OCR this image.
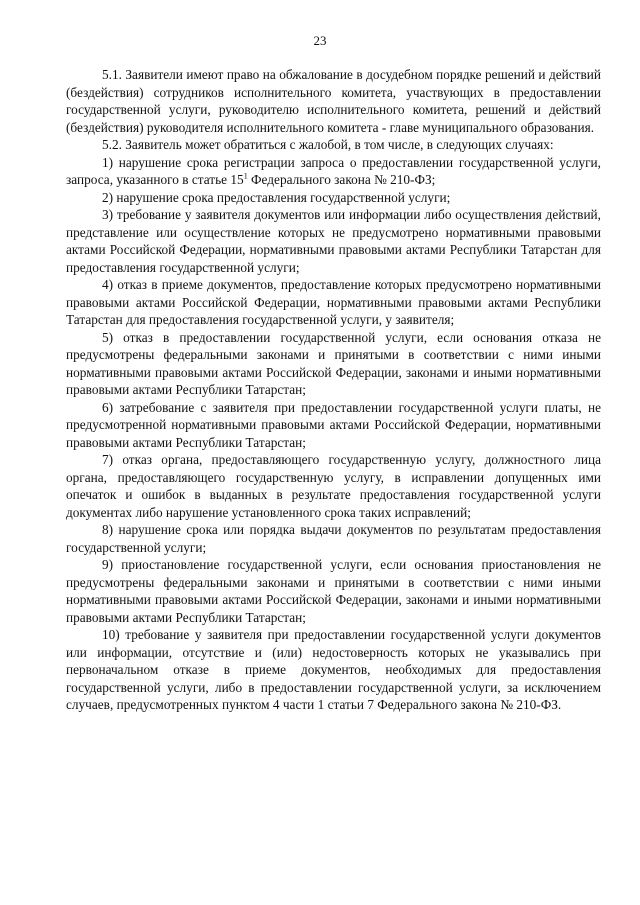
23

5.1. Заявители имеют право на обжалование в досудебном порядке решений и действий (бездействия) сотрудников исполнительного комитета, участвующих в предоставлении государственной услуги, руководителю исполнительного комитета, решений и действий (бездействия) руководителя исполнительного комитета - главе муниципального образования.

5.2. Заявитель может обратиться с жалобой, в том числе, в следующих случаях:

1) нарушение срока регистрации запроса о предоставлении государственной услуги, запроса, указанного в статье $15^1$ Федерального закона № 210-ФЗ;

2) нарушение срока предоставления государственной услуги;

3) требование у заявителя документов или информации либо осуществления действий, представление или осуществление которых не предусмотрено нормативными правовыми актами Российской Федерации, нормативными правовыми актами Республики Татарстан для предоставления государственной услуги;

4) отказ в приеме документов, предоставление которых предусмотрено нормативными правовыми актами Российской Федерации, нормативными правовыми актами Республики Татарстан для предоставления государственной услуги, у заявителя;

5) отказ в предоставлении государственной услуги, если основания отказа не предусмотрены федеральными законами и принятыми в соответствии с ними иными нормативными правовыми актами Российской Федерации, законами и иными нормативными правовыми актами Республики Татарстан;

6) затребование с заявителя при предоставлении государственной услуги платы, не предусмотренной нормативными правовыми актами Российской Федерации, нормативными правовыми актами Республики Татарстан;

7) отказ органа, предоставляющего государственную услугу, должностного лица органа, предоставляющего государственную услугу, в исправлении допущенных ими опечаток и ошибок в выданных в результате предоставления государственной услуги документах либо нарушение установленного срока таких исправлений;

8) нарушение срока или порядка выдачи документов по результатам предоставления государственной услуги;

9) приостановление государственной услуги, если основания приостановления не предусмотрены федеральными законами и принятыми в соответствии с ними иными нормативными правовыми актами Российской Федерации, законами и иными нормативными правовыми актами Республики Татарстан;

10) требование у заявителя при предоставлении государственной услуги документов или информации, отсутствие и (или) недостоверность которых не указывались при первоначальном отказе в приеме документов, необходимых для предоставления государственной услуги, либо в предоставлении государственной услуги, за исключением случаев, предусмотренных пунктом 4 части 1 статьи 7 Федерального закона № 210-ФЗ.
